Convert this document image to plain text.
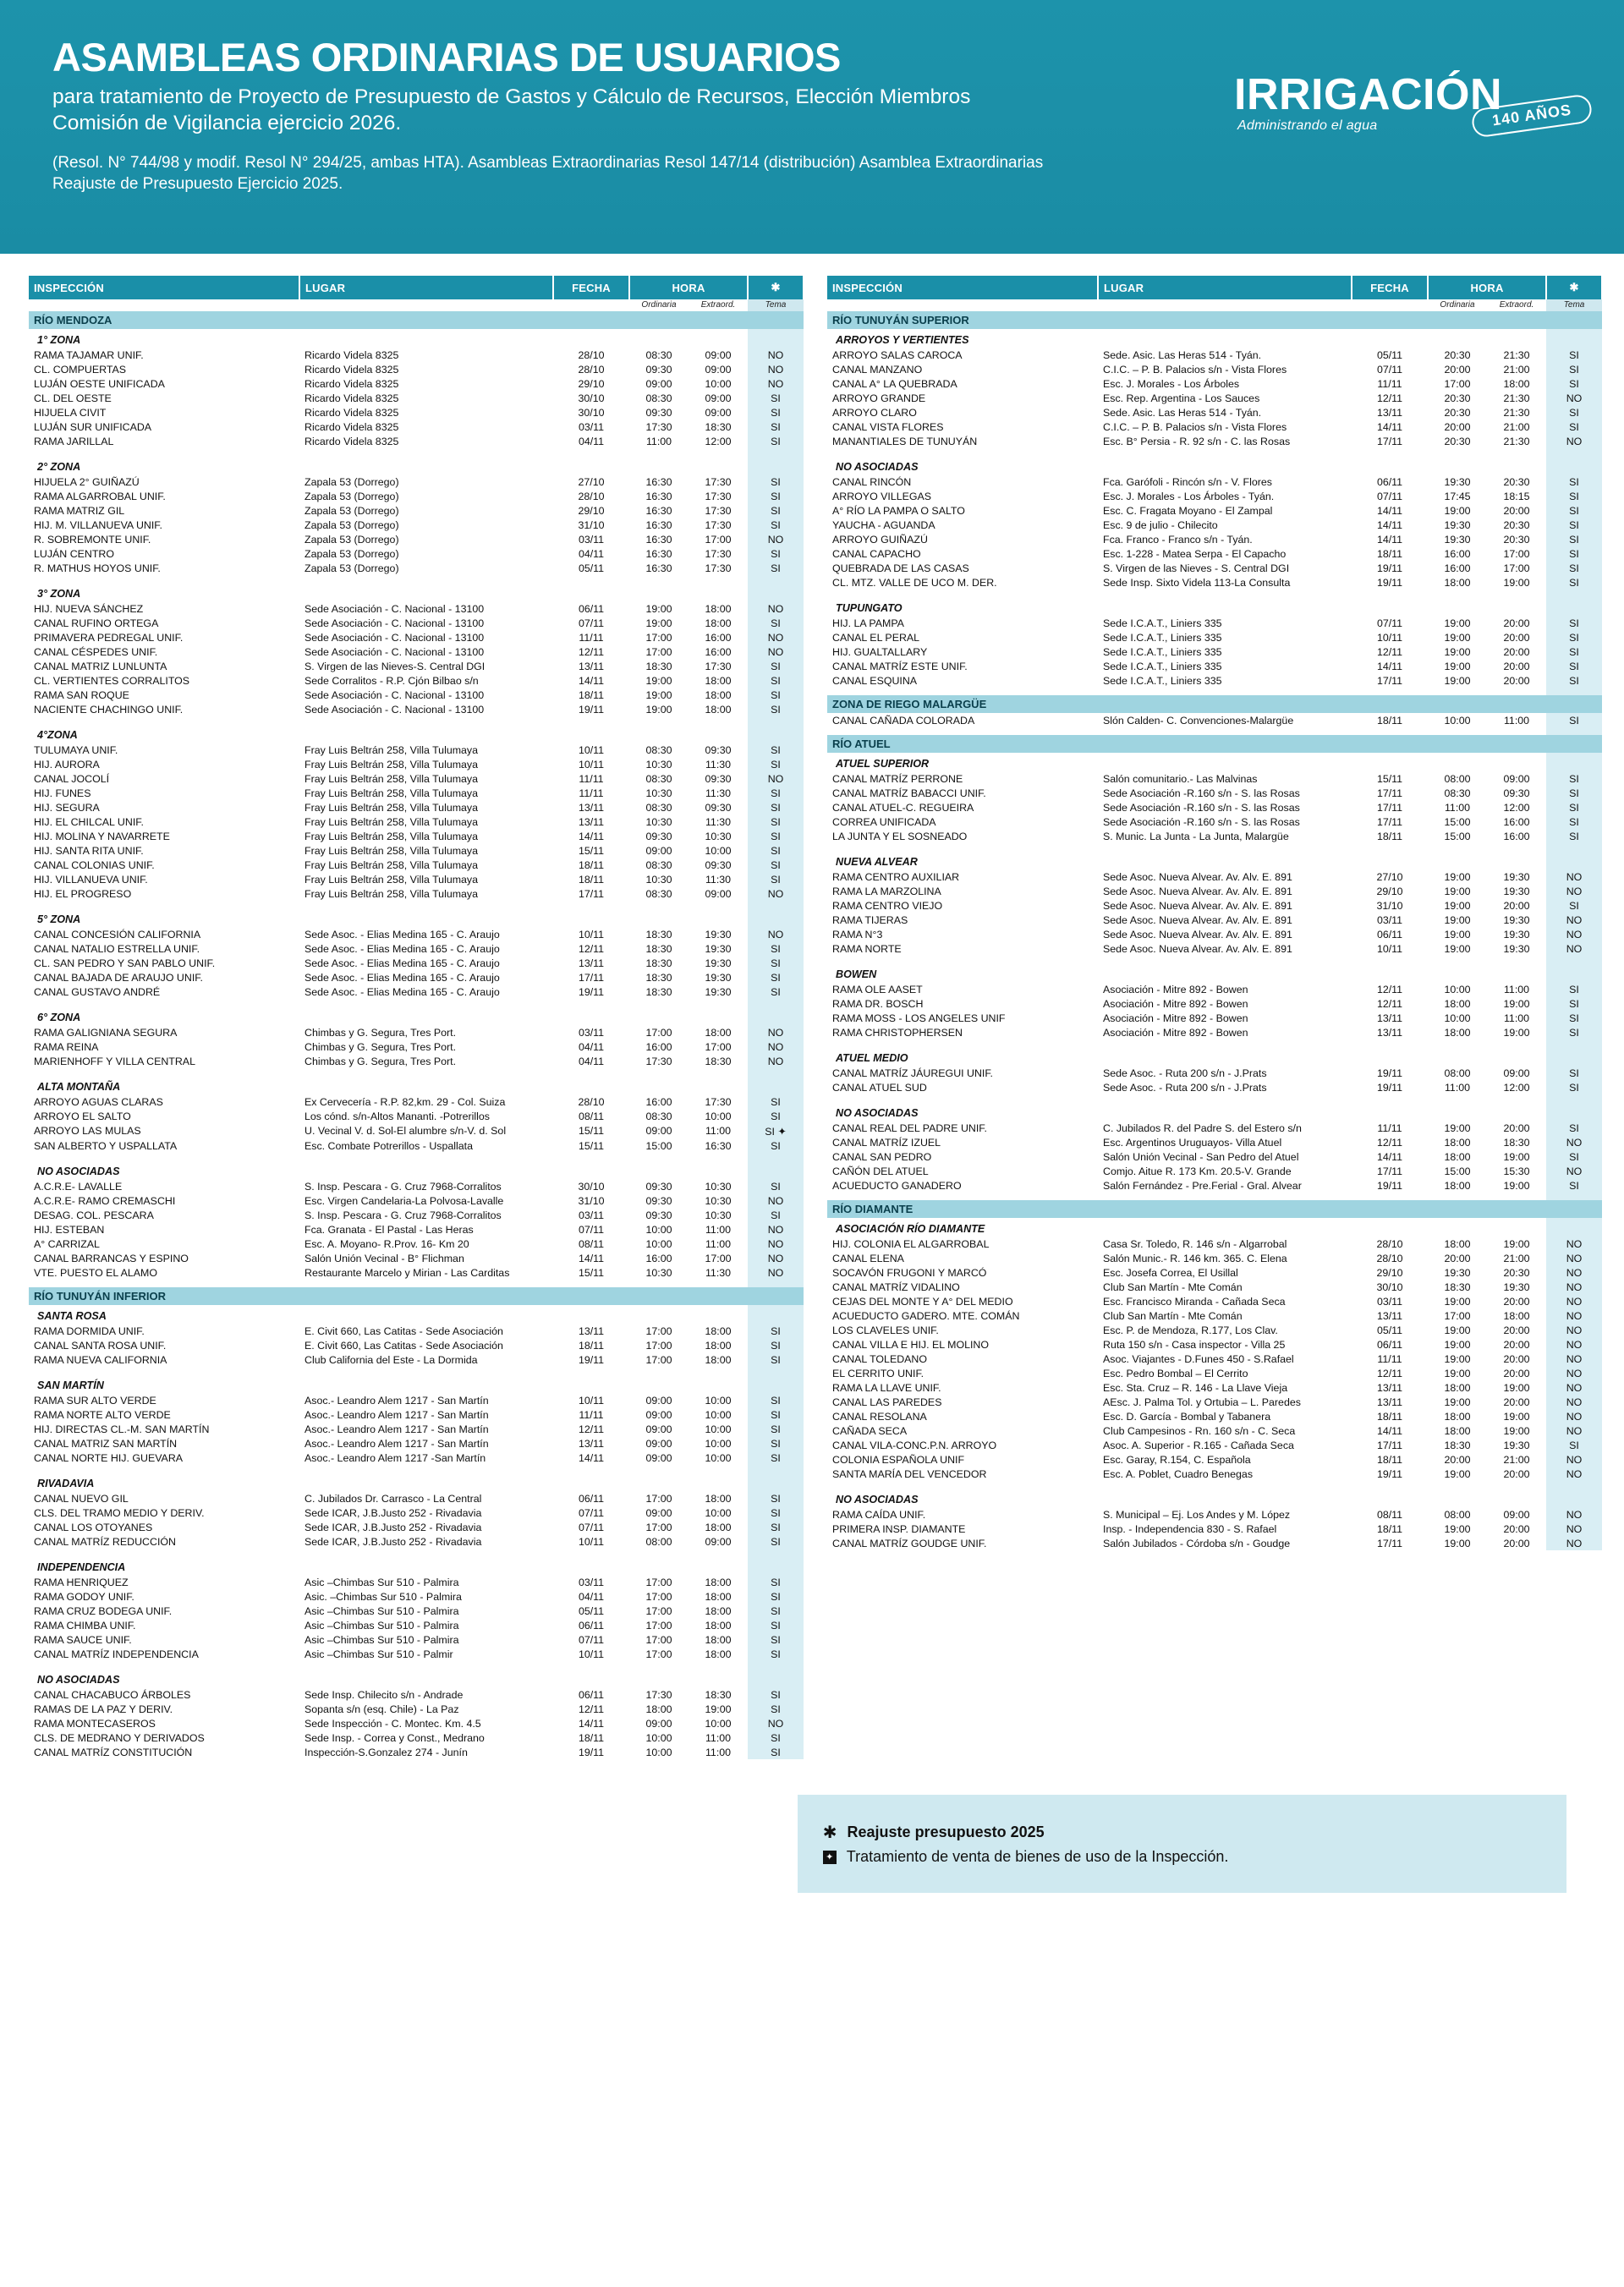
ASAMBLEAS ORDINARIAS DE USUARIOS
para tratamiento de Proyecto de Presupuesto de Gastos y Cálculo de Recursos, Elección Miembros Comisión de Vigilancia ejercicio 2026.
(Resol. N° 744/98 y modif. Resol N° 294/25, ambas HTA). Asambleas Extraordinarias Resol 147/14 (distribución) Asamblea Extraordinarias Reajuste de Presupuesto Ejercicio 2025.
IRRIGACIÓN
140 AÑOS
Administrando el agua
INSPECCIÓN	LUGAR	FECHA	HORA		✱
			Ordinaria	Extraord.	Tema
RÍO MENDOZA					
1° ZONA					
RAMA TAJAMAR UNIF.	Ricardo Videla 8325	28/10	08:30	09:00	NO
CL. COMPUERTAS	Ricardo Videla 8325	28/10	09:30	09:00	NO
LUJÁN OESTE UNIFICADA	Ricardo Videla 8325	29/10	09:00	10:00	NO
CL. DEL OESTE	Ricardo Videla 8325	30/10	08:30	09:00	SI
HIJUELA CIVIT	Ricardo Videla 8325	30/10	09:30	09:00	SI
LUJÁN SUR UNIFICADA	Ricardo Videla 8325	03/11	17:30	18:30	SI
RAMA JARILLAL	Ricardo Videla 8325	04/11	11:00	12:00	SI

2° ZONA					
HIJUELA 2° GUIÑAZÚ	Zapala 53 (Dorrego)	27/10	16:30	17:30	SI
RAMA ALGARROBAL UNIF.	Zapala 53 (Dorrego)	28/10	16:30	17:30	SI
RAMA MATRIZ GIL	Zapala 53 (Dorrego)	29/10	16:30	17:30	SI
HIJ. M. VILLANUEVA UNIF.	Zapala 53 (Dorrego)	31/10	16:30	17:30	SI
R. SOBREMONTE UNIF.	Zapala 53 (Dorrego)	03/11	16:30	17:00	NO
LUJÁN CENTRO	Zapala 53 (Dorrego)	04/11	16:30	17:30	SI
R. MATHUS HOYOS UNIF.	Zapala 53 (Dorrego)	05/11	16:30	17:30	SI

3° ZONA					
HIJ. NUEVA SÁNCHEZ	Sede Asociación - C. Nacional - 13100	06/11	19:00	18:00	NO
CANAL RUFINO ORTEGA	Sede Asociación - C. Nacional - 13100	07/11	19:00	18:00	SI
PRIMAVERA PEDREGAL UNIF.	Sede Asociación - C. Nacional - 13100	11/11	17:00	16:00	NO
CANAL CÉSPEDES UNIF.	Sede Asociación - C. Nacional - 13100	12/11	17:00	16:00	NO
CANAL MATRIZ LUNLUNTA	S. Virgen de las Nieves-S. Central DGI	13/11	18:30	17:30	SI
CL. VERTIENTES CORRALITOS	Sede Corralitos - R.P. Cjón Bilbao s/n	14/11	19:00	18:00	SI
RAMA SAN ROQUE	Sede Asociación - C. Nacional - 13100	18/11	19:00	18:00	SI
NACIENTE CHACHINGO UNIF.	Sede Asociación - C. Nacional - 13100	19/11	19:00	18:00	SI

4°ZONA					
TULUMAYA UNIF.	Fray Luis Beltrán 258, Villa Tulumaya	10/11	08:30	09:30	SI
HIJ. AURORA	Fray Luis Beltrán 258, Villa Tulumaya	10/11	10:30	11:30	SI
CANAL JOCOLÍ	Fray Luis Beltrán 258, Villa Tulumaya	11/11	08:30	09:30	NO
HIJ. FUNES	Fray Luis Beltrán 258, Villa Tulumaya	11/11	10:30	11:30	SI
HIJ. SEGURA	Fray Luis Beltrán 258, Villa Tulumaya	13/11	08:30	09:30	SI
HIJ. EL CHILCAL UNIF.	Fray Luis Beltrán 258, Villa Tulumaya	13/11	10:30	11:30	SI
HIJ. MOLINA Y NAVARRETE	Fray Luis Beltrán 258, Villa Tulumaya	14/11	09:30	10:30	SI
HIJ. SANTA RITA UNIF.	Fray Luis Beltrán 258, Villa Tulumaya	15/11	09:00	10:00	SI
CANAL COLONIAS UNIF.	Fray Luis Beltrán 258, Villa Tulumaya	18/11	08:30	09:30	SI
HIJ. VILLANUEVA UNIF.	Fray Luis Beltrán 258, Villa Tulumaya	18/11	10:30	11:30	SI
HIJ. EL PROGRESO	Fray Luis Beltrán 258, Villa Tulumaya	17/11	08:30	09:00	NO

5° ZONA					
CANAL CONCESIÓN CALIFORNIA	Sede Asoc. - Elias Medina 165 - C. Araujo	10/11	18:30	19:30	NO
CANAL NATALIO ESTRELLA UNIF.	Sede Asoc. - Elias Medina 165 - C. Araujo	12/11	18:30	19:30	SI
CL. SAN PEDRO Y SAN PABLO UNIF.	Sede Asoc. - Elias Medina 165 - C. Araujo	13/11	18:30	19:30	SI
CANAL BAJADA DE ARAUJO UNIF.	Sede Asoc. - Elias Medina 165 - C. Araujo	17/11	18:30	19:30	SI
CANAL GUSTAVO ANDRÉ	Sede Asoc. - Elias Medina 165 - C. Araujo	19/11	18:30	19:30	SI

6° ZONA					
RAMA GALIGNIANA SEGURA	Chimbas y G. Segura, Tres Port.	03/11	17:00	18:00	NO
RAMA REINA	Chimbas y G. Segura, Tres Port.	04/11	16:00	17:00	NO
MARIENHOFF Y VILLA CENTRAL	Chimbas y G. Segura, Tres Port.	04/11	17:30	18:30	NO

ALTA MONTAÑA					
ARROYO AGUAS CLARAS	Ex Cervecería - R.P. 82,km. 29 - Col. Suiza	28/10	16:00	17:30	SI
ARROYO EL SALTO	Los cónd. s/n-Altos Mananti. -Potrerillos	08/11	08:30	10:00	SI
ARROYO LAS MULAS	U. Vecinal V. d. Sol-El alumbre s/n-V. d. Sol	15/11	09:00	11:00	SI ✦
SAN ALBERTO Y USPALLATA	Esc. Combate Potrerillos - Uspallata	15/11	15:00	16:30	SI

NO ASOCIADAS					
A.C.R.E- LAVALLE	S. Insp. Pescara - G. Cruz 7968-Corralitos	30/10	09:30	10:30	SI
A.C.R.E- RAMO CREMASCHI	Esc. Virgen Candelaria-La Polvosa-Lavalle	31/10	09:30	10:30	NO
DESAG. COL. PESCARA	S. Insp. Pescara - G. Cruz 7968-Corralitos	03/11	09:30	10:30	SI
HIJ. ESTEBAN	Fca. Granata - El Pastal - Las Heras	07/11	10:00	11:00	NO
A° CARRIZAL	Esc. A. Moyano- R.Prov. 16- Km 20	08/11	10:00	11:00	NO
CANAL BARRANCAS Y ESPINO	Salón Unión Vecinal - B° Flichman	14/11	16:00	17:00	NO
VTE. PUESTO EL ALAMO	Restaurante Marcelo y Mirian - Las Carditas	15/11	10:30	11:30	NO

RÍO TUNUYÁN INFERIOR					
SANTA ROSA					
RAMA DORMIDA UNIF.	E. Civit 660, Las Catitas - Sede Asociación	13/11	17:00	18:00	SI
CANAL SANTA ROSA UNIF.	E. Civit 660, Las Catitas - Sede Asociación	18/11	17:00	18:00	SI
RAMA NUEVA CALIFORNIA	Club California del Este - La Dormida	19/11	17:00	18:00	SI

SAN MARTÍN					
RAMA SUR ALTO VERDE	Asoc.- Leandro Alem 1217 - San Martín	10/11	09:00	10:00	SI
RAMA NORTE ALTO VERDE	Asoc.- Leandro Alem 1217 - San Martín	11/11	09:00	10:00	SI
HIJ. DIRECTAS CL.-M. SAN MARTÍN	Asoc.- Leandro Alem 1217 - San Martín	12/11	09:00	10:00	SI
CANAL MATRIZ SAN MARTÍN	Asoc.- Leandro Alem 1217 - San Martín	13/11	09:00	10:00	SI
CANAL NORTE HIJ. GUEVARA	Asoc.- Leandro Alem 1217 -San Martín	14/11	09:00	10:00	SI

RIVADAVIA					
CANAL NUEVO GIL	C. Jubilados Dr. Carrasco - La Central	06/11	17:00	18:00	SI
CLS. DEL TRAMO MEDIO Y DERIV.	Sede ICAR, J.B.Justo 252 - Rivadavia	07/11	09:00	10:00	SI
CANAL LOS OTOYANES	Sede ICAR, J.B.Justo 252 - Rivadavia	07/11	17:00	18:00	SI
CANAL MATRÍZ REDUCCIÓN	Sede ICAR, J.B.Justo 252 - Rivadavia	10/11	08:00	09:00	SI

INDEPENDENCIA					
RAMA HENRIQUEZ	Asic –Chimbas Sur 510 - Palmira	03/11	17:00	18:00	SI
RAMA GODOY UNIF.	Asic. –Chimbas Sur 510 - Palmira	04/11	17:00	18:00	SI
RAMA CRUZ BODEGA UNIF.	Asic –Chimbas Sur 510 - Palmira	05/11	17:00	18:00	SI
RAMA CHIMBA UNIF.	Asic –Chimbas Sur 510 - Palmira	06/11	17:00	18:00	SI
RAMA SAUCE UNIF.	Asic –Chimbas Sur 510 - Palmira	07/11	17:00	18:00	SI
CANAL MATRÍZ INDEPENDENCIA	Asic –Chimbas Sur 510 - Palmir	10/11	17:00	18:00	SI

NO ASOCIADAS					
CANAL CHACABUCO ÁRBOLES	Sede Insp. Chilecito s/n - Andrade	06/11	17:30	18:30	SI
RAMAS DE LA PAZ Y DERIV.	Sopanta s/n (esq. Chile) - La Paz	12/11	18:00	19:00	SI
RAMA MONTECASEROS	Sede Inspección - C. Montec. Km. 4.5	14/11	09:00	10:00	NO
CLS. DE MEDRANO Y DERIVADOS	Sede Insp. - Correa y Const., Medrano	18/11	10:00	11:00	SI
CANAL MATRÍZ CONSTITUCIÓN	Inspección-S.Gonzalez 274 - Junín	19/11	10:00	11:00	SI
INSPECCIÓN	LUGAR	FECHA	HORA		✱
			Ordinaria	Extraord.	Tema
RÍO TUNUYÁN SUPERIOR					
ARROYOS Y VERTIENTES					
ARROYO SALAS CAROCA	Sede. Asic. Las Heras 514 - Tyán.	05/11	20:30	21:30	SI
CANAL MANZANO	C.I.C. – P. B. Palacios s/n - Vista Flores	07/11	20:00	21:00	SI
CANAL A° LA QUEBRADA	Esc. J. Morales - Los Árboles	11/11	17:00	18:00	SI
ARROYO GRANDE	Esc. Rep. Argentina - Los Sauces	12/11	20:30	21:30	NO
ARROYO CLARO	Sede. Asic. Las Heras 514 - Tyán.	13/11	20:30	21:30	SI
CANAL VISTA FLORES	C.I.C. – P. B. Palacios s/n - Vista Flores	14/11	20:00	21:00	SI
MANANTIALES DE TUNUYÁN	Esc. B° Persia - R. 92 s/n - C. las Rosas	17/11	20:30	21:30	NO

NO ASOCIADAS					
CANAL RINCÓN	Fca. Garófoli - Rincón s/n - V. Flores	06/11	19:30	20:30	SI
ARROYO VILLEGAS	Esc. J. Morales - Los Árboles - Tyán.	07/11	17:45	18:15	SI
A° RÍO LA PAMPA O SALTO	Esc. C. Fragata Moyano - El Zampal	14/11	19:00	20:00	SI
YAUCHA - AGUANDA	Esc. 9 de julio - Chilecito	14/11	19:30	20:30	SI
ARROYO GUIÑAZÚ	Fca. Franco - Franco s/n - Tyán.	14/11	19:30	20:30	SI
CANAL CAPACHO	Esc. 1-228 - Matea Serpa - El Capacho	18/11	16:00	17:00	SI
QUEBRADA DE LAS CASAS	S. Virgen de las Nieves - S. Central DGI	19/11	16:00	17:00	SI
CL. MTZ. VALLE DE UCO M. DER.	Sede Insp. Sixto Videla 113-La Consulta	19/11	18:00	19:00	SI

TUPUNGATO					
HIJ. LA PAMPA	Sede I.C.A.T., Liniers 335	07/11	19:00	20:00	SI
CANAL EL PERAL	Sede I.C.A.T., Liniers 335	10/11	19:00	20:00	SI
HIJ. GUALTALLARY	Sede I.C.A.T., Liniers 335	12/11	19:00	20:00	SI
CANAL MATRÍZ ESTE UNIF.	Sede I.C.A.T., Liniers 335	14/11	19:00	20:00	SI
CANAL ESQUINA	Sede I.C.A.T., Liniers 335	17/11	19:00	20:00	SI

ZONA DE RIEGO MALARGÜE					
CANAL CAÑADA COLORADA	Slón Calden- C. Convenciones-Malargüe	18/11	10:00	11:00	SI

RÍO ATUEL					
ATUEL SUPERIOR					
CANAL MATRÍZ PERRONE	Salón comunitario.- Las Malvinas	15/11	08:00	09:00	SI
CANAL MATRÍZ BABACCI UNIF.	Sede Asociación -R.160 s/n - S. las Rosas	17/11	08:30	09:30	SI
CANAL ATUEL-C. REGUEIRA	Sede Asociación -R.160 s/n - S. las Rosas	17/11	11:00	12:00	SI
CORREA UNIFICADA	Sede Asociación -R.160 s/n - S. las Rosas	17/11	15:00	16:00	SI
LA JUNTA Y EL SOSNEADO	S. Munic. La Junta - La Junta, Malargüe	18/11	15:00	16:00	SI

NUEVA ALVEAR					
RAMA CENTRO AUXILIAR	Sede Asoc. Nueva Alvear. Av. Alv. E. 891	27/10	19:00	19:30	NO
RAMA LA MARZOLINA	Sede Asoc. Nueva Alvear. Av. Alv. E. 891	29/10	19:00	19:30	NO
RAMA CENTRO VIEJO	Sede Asoc. Nueva Alvear. Av. Alv. E. 891	31/10	19:00	20:00	SI
RAMA TIJERAS	Sede Asoc. Nueva Alvear. Av. Alv. E. 891	03/11	19:00	19:30	NO
RAMA N°3	Sede Asoc. Nueva Alvear. Av. Alv. E. 891	06/11	19:00	19:30	NO
RAMA NORTE	Sede Asoc. Nueva Alvear. Av. Alv. E. 891	10/11	19:00	19:30	NO

BOWEN					
RAMA OLE AASET	Asociación - Mitre 892 - Bowen	12/11	10:00	11:00	SI
RAMA DR. BOSCH	Asociación - Mitre 892 - Bowen	12/11	18:00	19:00	SI
RAMA MOSS - LOS ANGELES UNIF	Asociación - Mitre 892 - Bowen	13/11	10:00	11:00	SI
RAMA CHRISTOPHERSEN	Asociación - Mitre 892 - Bowen	13/11	18:00	19:00	SI

ATUEL MEDIO					
CANAL MATRÍZ JÁUREGUI UNIF.	Sede Asoc. - Ruta 200 s/n - J.Prats	19/11	08:00	09:00	SI
CANAL ATUEL SUD	Sede Asoc. - Ruta 200 s/n - J.Prats	19/11	11:00	12:00	SI

NO ASOCIADAS					
CANAL REAL DEL PADRE UNIF.	C. Jubilados R. del Padre S. del Estero s/n	11/11	19:00	20:00	SI
CANAL MATRÍZ IZUEL	Esc. Argentinos Uruguayos- Villa Atuel	12/11	18:00	18:30	NO
CANAL SAN PEDRO	Salón Unión Vecinal - San Pedro del Atuel	14/11	18:00	19:00	SI
CAÑÓN DEL ATUEL	Comjo. Aitue R. 173 Km. 20.5-V. Grande	17/11	15:00	15:30	NO
ACUEDUCTO GANADERO	Salón Fernández - Pre.Ferial - Gral. Alvear	19/11	18:00	19:00	SI

RÍO DIAMANTE					
ASOCIACIÓN RÍO DIAMANTE					
HIJ. COLONIA EL ALGARROBAL	Casa Sr. Toledo, R. 146 s/n - Algarrobal	28/10	18:00	19:00	NO
CANAL ELENA	Salón Munic.- R. 146 km. 365. C. Elena	28/10	20:00	21:00	NO
SOCAVÓN FRUGONI Y MARCÓ	Esc. Josefa Correa, El Usillal	29/10	19:30	20:30	NO
CANAL MATRÍZ VIDALINO	Club San Martín - Mte Comán	30/10	18:30	19:30	NO
CEJAS DEL MONTE Y A° DEL MEDIO	Esc. Francisco Miranda - Cañada Seca	03/11	19:00	20:00	NO
ACUEDUCTO GADERO. MTE. COMÁN	Club San Martín - Mte Comán	13/11	17:00	18:00	NO
LOS CLAVELES UNIF.	Esc. P. de Mendoza, R.177, Los Clav.	05/11	19:00	20:00	NO
CANAL VILLA E HIJ. EL MOLINO	Ruta 150 s/n - Casa inspector - Villa 25	06/11	19:00	20:00	NO
CANAL TOLEDANO	Asoc. Viajantes - D.Funes 450 - S.Rafael	11/11	19:00	20:00	NO
EL CERRITO UNIF.	Esc. Pedro Bombal – El Cerrito	12/11	19:00	20:00	NO
RAMA LA LLAVE UNIF.	Esc. Sta. Cruz – R. 146 - La Llave Vieja	13/11	18:00	19:00	NO
CANAL LAS PAREDES	AEsc. J. Palma Tol. y Ortubia – L. Paredes	13/11	19:00	20:00	NO
CANAL RESOLANA	Esc. D. García - Bombal y Tabanera	18/11	18:00	19:00	NO
CAÑADA SECA	Club Campesinos - Rn. 160 s/n - C. Seca	14/11	18:00	19:00	NO
CANAL VILA-CONC.P.N. ARROYO	Asoc. A. Superior - R.165 - Cañada Seca	17/11	18:30	19:30	SI
COLONIA ESPAÑOLA UNIF	Esc. Garay, R.154, C. Española	18/11	20:00	21:00	NO
SANTA MARÍA DEL VENCEDOR	Esc. A. Poblet, Cuadro Benegas	19/11	19:00	20:00	NO

NO ASOCIADAS					
RAMA CAÍDA UNIF.	S. Municipal – Ej. Los Andes y M. López	08/11	08:00	09:00	NO
PRIMERA INSP. DIAMANTE	Insp. - Independencia 830 - S. Rafael	18/11	19:00	20:00	NO
CANAL MATRÍZ GOUDGE UNIF.	Salón Jubilados - Córdoba s/n - Goudge	17/11	19:00	20:00	NO
✱ Reajuste presupuesto 2025
✦ Tratamiento de venta de bienes de uso de la Inspección.
